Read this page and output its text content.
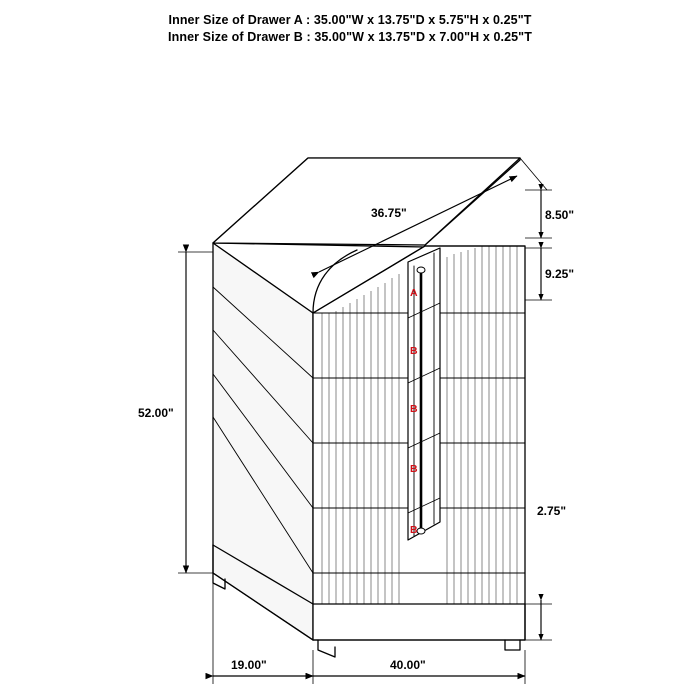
Inner Size of Drawer A : 35.00"W x 13.75"D x 5.75"H x 0.25"T
Inner Size of Drawer B : 35.00"W x 13.75"D x 7.00"H x 0.25"T
36.75"	8.50"
9.25"
2.75"
52.00"
19.00"	40.00"
A
B
B
B
B
